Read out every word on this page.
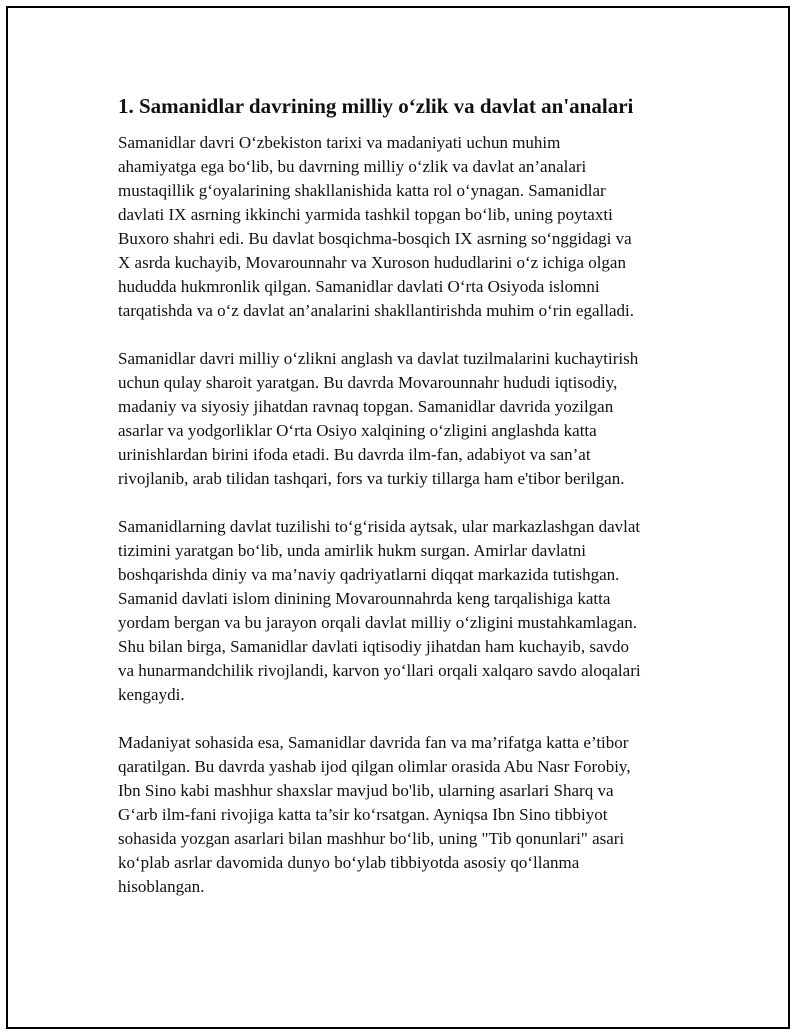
1. Samanidlar davrining milliy o‘zlik va davlat an'analari

Samanidlar davri O‘zbekiston tarixi va madaniyati uchun muhim
ahamiyatga ega bo‘lib, bu davrning milliy o‘zlik va davlat an’analari
mustaqillik g‘oyalarining shakllanishida katta rol o‘ynagan. Samanidlar
davlati IX asrning ikkinchi yarmida tashkil topgan bo‘lib, uning poytaxti
Buxoro shahri edi. Bu davlat bosqichma-bosqich IX asrning so‘nggidagi va
X asrda kuchayib, Movarounnahr va Xuroson hududlarini o‘z ichiga olgan
hududda hukmronlik qilgan. Samanidlar davlati O‘rta Osiyoda islomni
tarqatishda va o‘z davlat an’analarini shakllantirishda muhim o‘rin egalladi.

Samanidlar davri milliy o‘zlikni anglash va davlat tuzilmalarini kuchaytirish
uchun qulay sharoit yaratgan. Bu davrda Movarounnahr hududi iqtisodiy,
madaniy va siyosiy jihatdan ravnaq topgan. Samanidlar davrida yozilgan
asarlar va yodgorliklar O‘rta Osiyo xalqining o‘zligini anglashda katta
urinishlardan birini ifoda etadi. Bu davrda ilm-fan, adabiyot va san’at
rivojlanib, arab tilidan tashqari, fors va turkiy tillarga ham e'tibor berilgan.

Samanidlarning davlat tuzilishi to‘g‘risida aytsak, ular markazlashgan davlat
tizimini yaratgan bo‘lib, unda amirlik hukm surgan. Amirlar davlatni
boshqarishda diniy va ma’naviy qadriyatlarni diqqat markazida tutishgan.
Samanid davlati islom dinining Movarounnahrda keng tarqalishiga katta
yordam bergan va bu jarayon orqali davlat milliy o‘zligini mustahkamlagan.
Shu bilan birga, Samanidlar davlati iqtisodiy jihatdan ham kuchayib, savdo
va hunarmandchilik rivojlandi, karvon yo‘llari orqali xalqaro savdo aloqalari
kengaydi.

Madaniyat sohasida esa, Samanidlar davrida fan va ma’rifatga katta e’tibor
qaratilgan. Bu davrda yashab ijod qilgan olimlar orasida Abu Nasr Forobiy,
Ibn Sino kabi mashhur shaxslar mavjud bo'lib, ularning asarlari Sharq va
G‘arb ilm-fani rivojiga katta ta’sir ko‘rsatgan. Ayniqsa Ibn Sino tibbiyot
sohasida yozgan asarlari bilan mashhur bo‘lib, uning "Tib qonunlari" asari
ko‘plab asrlar davomida dunyo bo‘ylab tibbiyotda asosiy qo‘llanma
hisoblangan.
